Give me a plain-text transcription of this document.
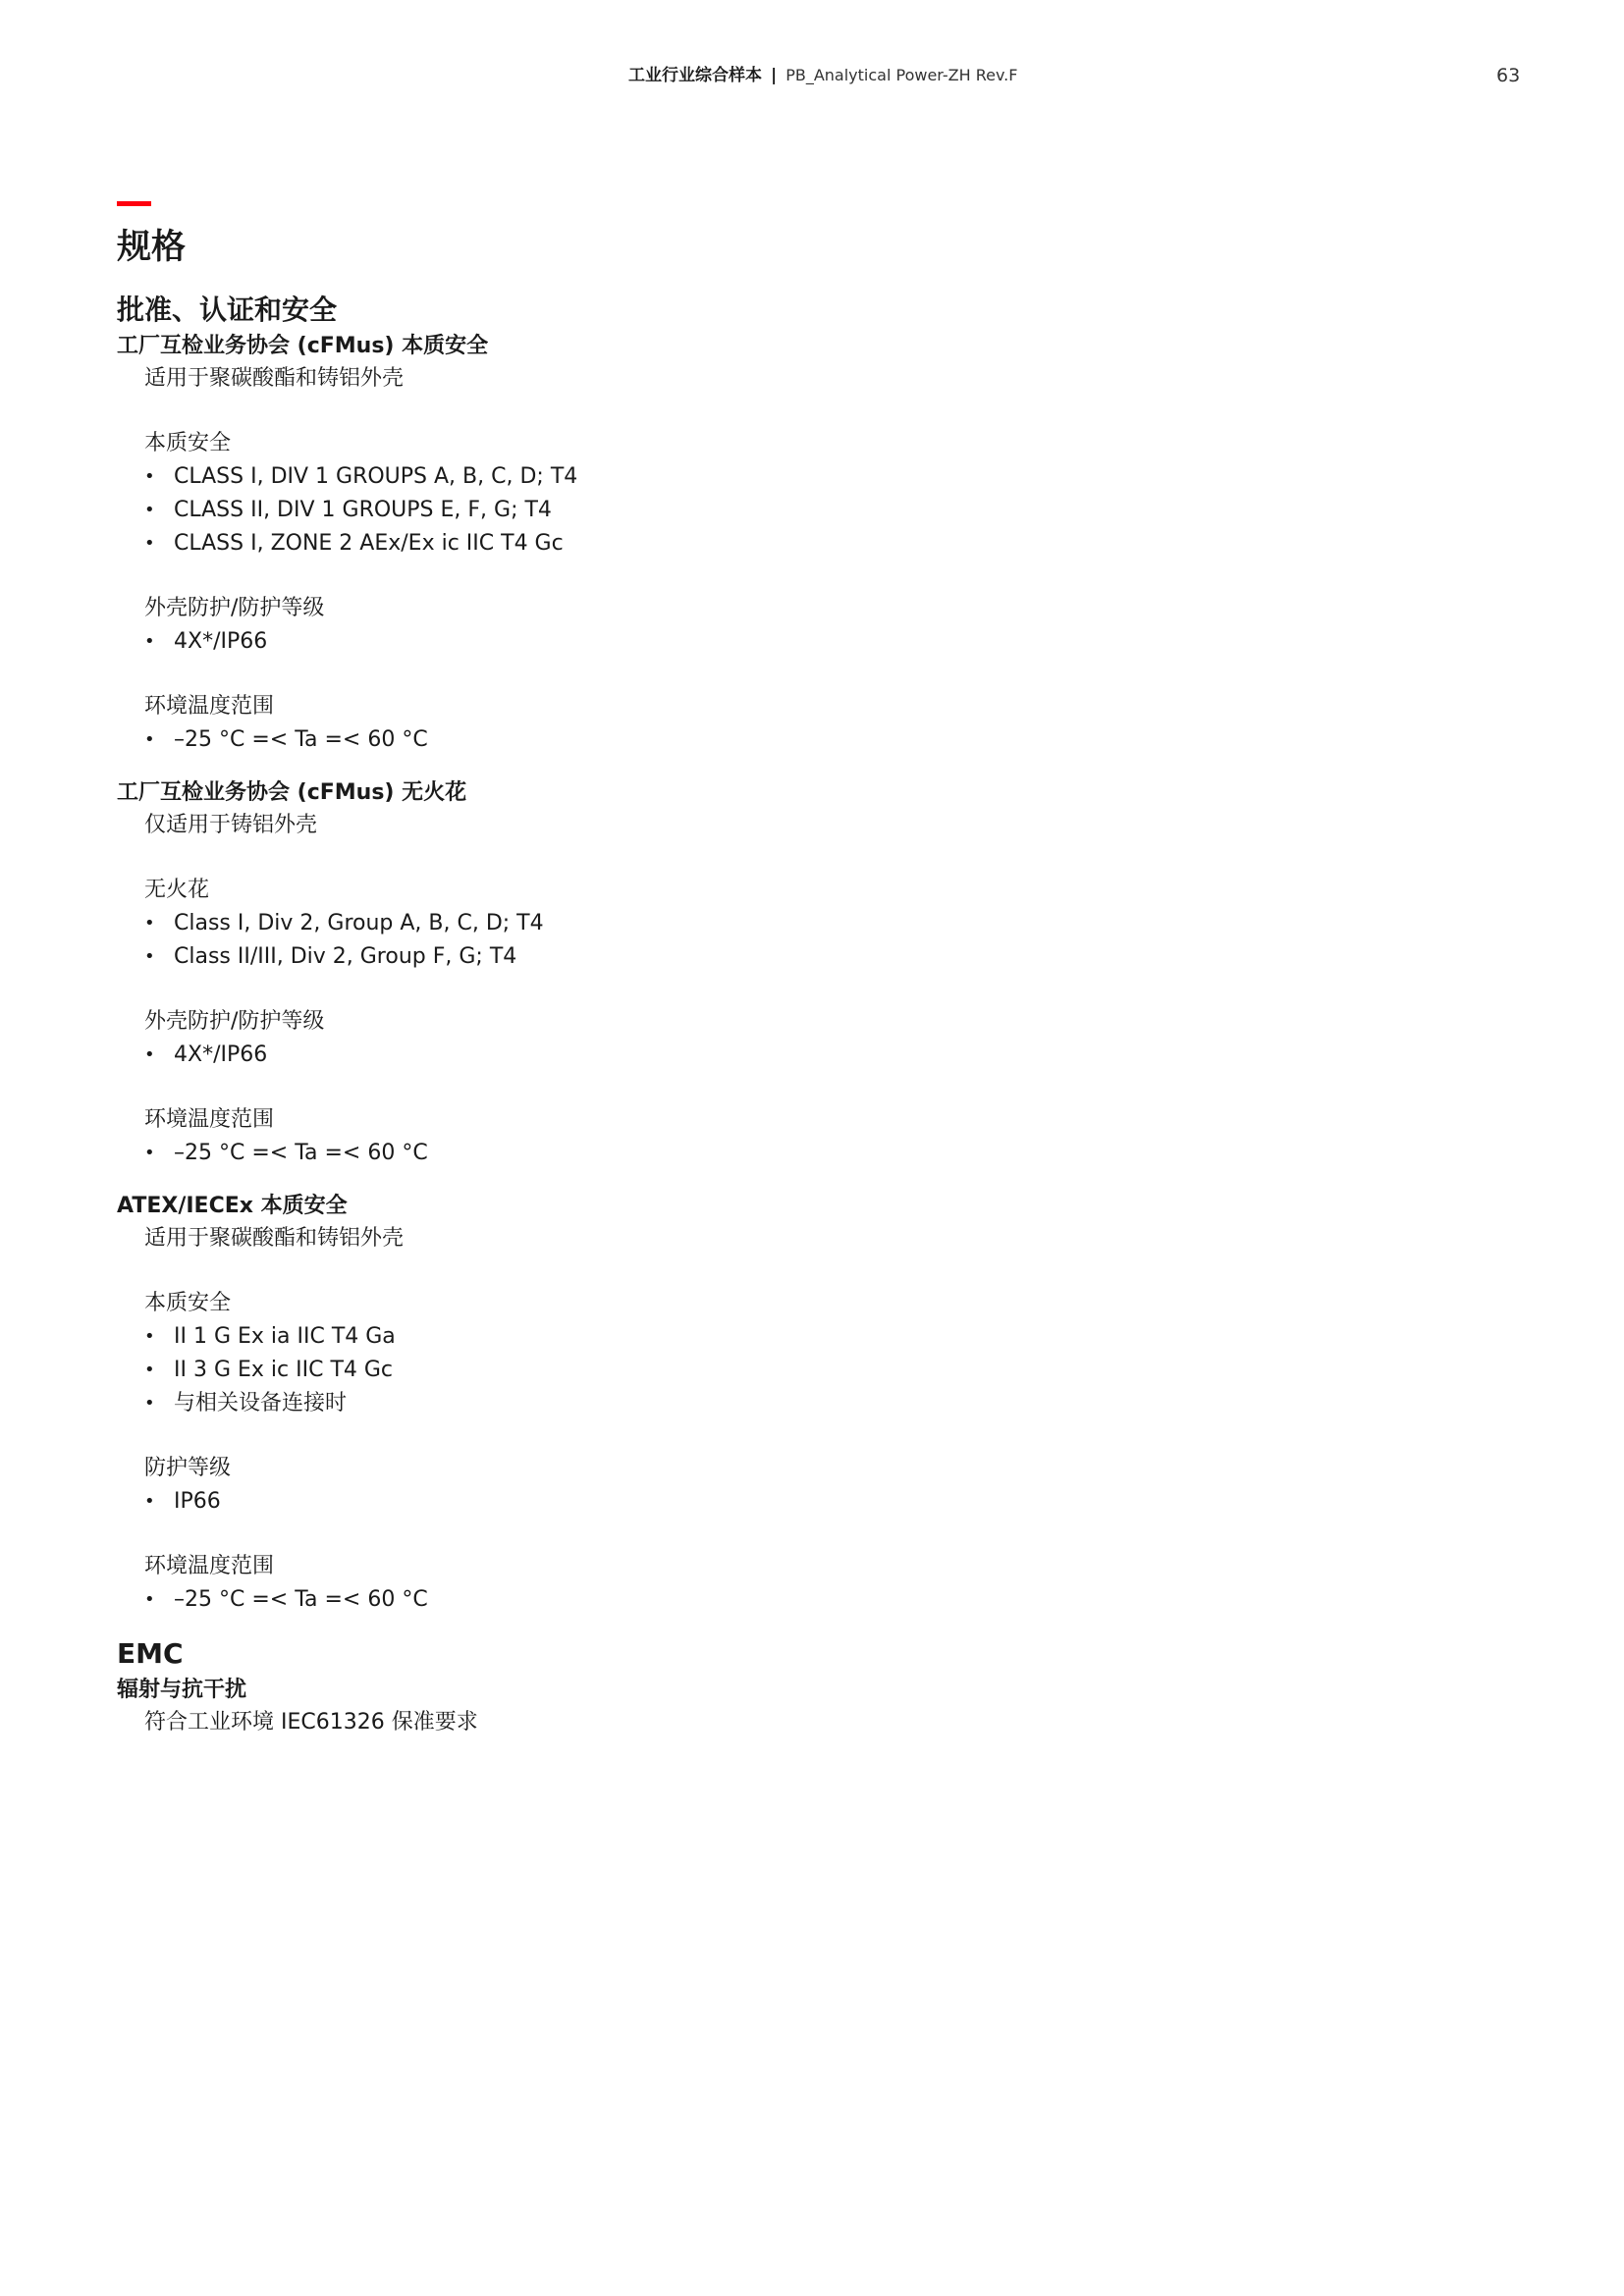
工业行业综合样本 | PB_Analytical Power-ZH Rev.F	63
规格
批准、认证和安全
工厂互检业务协会 (cFMus) 本质安全
适用于聚碳酸酯和铸铝外壳
本质安全
• CLASS I, DIV 1 GROUPS A, B, C, D; T4
• CLASS II, DIV 1 GROUPS E, F, G; T4
• CLASS I, ZONE 2 AEx/Ex ic IIC T4 Gc
外壳防护/防护等级
• 4X*/IP66
环境温度范围
• –25 °C =< Ta =< 60 °C
工厂互检业务协会 (cFMus) 无火花
仅适用于铸铝外壳
无火花
• Class I, Div 2, Group A, B, C, D; T4
• Class II/III, Div 2, Group F, G; T4
外壳防护/防护等级
• 4X*/IP66
环境温度范围
• –25 °C =< Ta =< 60 °C
ATEX/IECEx 本质安全
适用于聚碳酸酯和铸铝外壳
本质安全
• II 1 G Ex ia IIC T4 Ga
• II 3 G Ex ic IIC T4 Gc
• 与相关设备连接时
防护等级
• IP66
环境温度范围
• –25 °C =< Ta =< 60 °C
EMC
辐射与抗干扰
符合工业环境 IEC61326 保准要求
